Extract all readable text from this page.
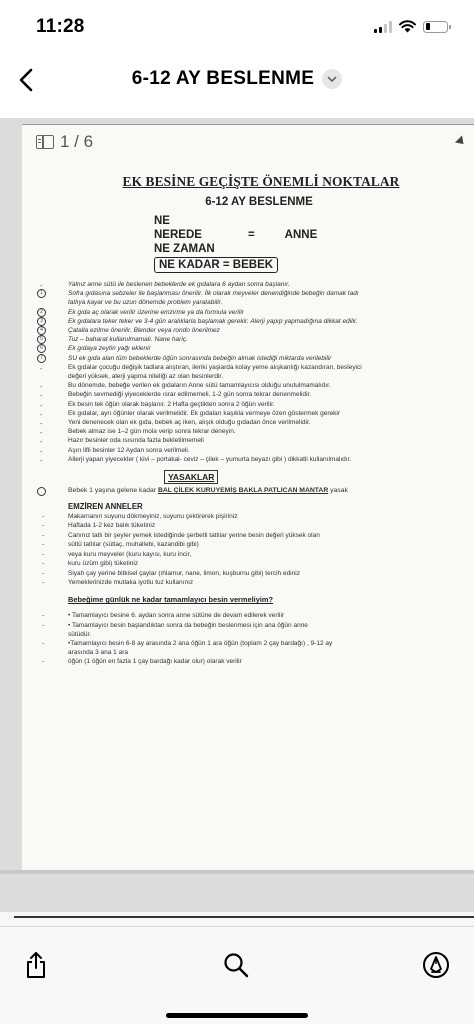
11:28
6-12 AY BESLENME
1 / 6
EK BESİNE GEÇİŞTE ÖNEMLİ NOKTALAR
6-12 AY BESLENME
NE
NEREDE	=	ANNE
NE ZAMAN
NE KADAR = BEBEK
-	Yalnız anne sütü ile beslenen bebeklerde ek gıdalara 6 aydan sonra başlanır.
1	Sofra gıdasına sebzeler ile başlanması önerilir. İlk olarak meyveler denendiğinde bebeğin damak tadı
tatlıya kayar ve bu uzun dönemde problem yaratabilir.
2	Ek gıda aç olarak verilir üzerine emzirme ya da formula verilir
3	Ek gıdalara teker teker ve 3-4 gün aralıklarla başlamak gerekir. Alerji yapıp yapmadığına dikkat edilir.
4	Çatalla ezilme önerilir. Blender veya rondo önerilmez
5	Tuz – baharat kullanılmamalı. Nane hariç.
6	Ek gıdaya zeytin yağı eklenir
7	SU ek gıda alan tüm bebeklerde öğün sonrasında bebeğin almak istediği miktarda verilebilir
-	Ek gıdalar çocuğu değişik tadlara alıştıran, ileriki yaşlarda kolay yeme alışkanlığı kazandıran, besleyici
değeri yüksek, alerji yapma niteliği az olan besinlerdir.
-	Bu dönemde, bebeğe verilen ek gıdaların Anne sütü tamamlayıcısı olduğu unutulmamalıdır.
-	Bebeğin sevmediği yiyeceklerde ısrar edilmemeli, 1-2 gün sonra tekrar denenmelidir.
-	Ek besin tek öğün olarak başlanır. 2 Hafta geçtikten sonra 2 öğün verilir.
-	Ek gıdalar, ayrı öğünler olarak verilmelidir. Ek gıdaları kaşıkla vermeye özen göstermek gerekir
-	Yeni denenecek olan ek gıda, bebek aç iken, alışık olduğu gıdadan önce verilmelidir.
-	Bebek almaz ise 1–2 gün mola verip sonra tekrar deneyin.
-	Hazır besinler oda ısısında fazla bekletilmemeli
-	Aşırı lifli besinler 12 Aydan sonra verilmeli.
-	Allerji yapan yiyecekler ( kivi – portakal- ceviz – çilek – yumurta beyazı gibi ) dikkatli kullanılmalıdır.
YASAKLAR
Bebek 1 yaşına gelene kadar BAL ÇİLEK KURUYEMİŞ BAKLA PATLICAN MANTAR yasak
EMZİREN ANNELER
- Makarnanın suyunu dökmeyiniz, suyunu çektirerek pişiriniz
- Haftada 1-2 kez balık tüketiniz
- Canınız tatlı bir şeyler yemek istediğinde şerbetli tatlılar yerine besin değeri yüksek olan
- sütlü tatlılar (sütlaç, muhallebi, kazandibi gibi)
- veya kuru meyveler (kuru kayısı, kuru incir,
- kuru üzüm gibi) tüketiniz
- Siyah çay yerine bitkisel çaylar (ıhlamur, nane, limon, kuşburnu gibi) tercih ediniz
- Yemeklerinizde mutlaka iyotlu tuz kullanınız
Bebeğime günlük ne kadar tamamlayıcı besin vermeliyim?
-	• Tamamlayıcı besine 6. aydan sonra anne sütüne de devam edilerek verilir
-	• Tamamlayıcı besin başlandıktan sonra da bebeğin beslenmesi için ana öğün anne
sütüdür.
-	•Tamamlayıcı besin 6-8 ay arasında 2 ana öğün 1 ara öğün (toplam 2 çay bardağı) , 9-12 ay
arasında 3 ana 1 ara
-	öğün (1 öğün en fazla 1 çay bardağı kadar olur) olarak verilir
